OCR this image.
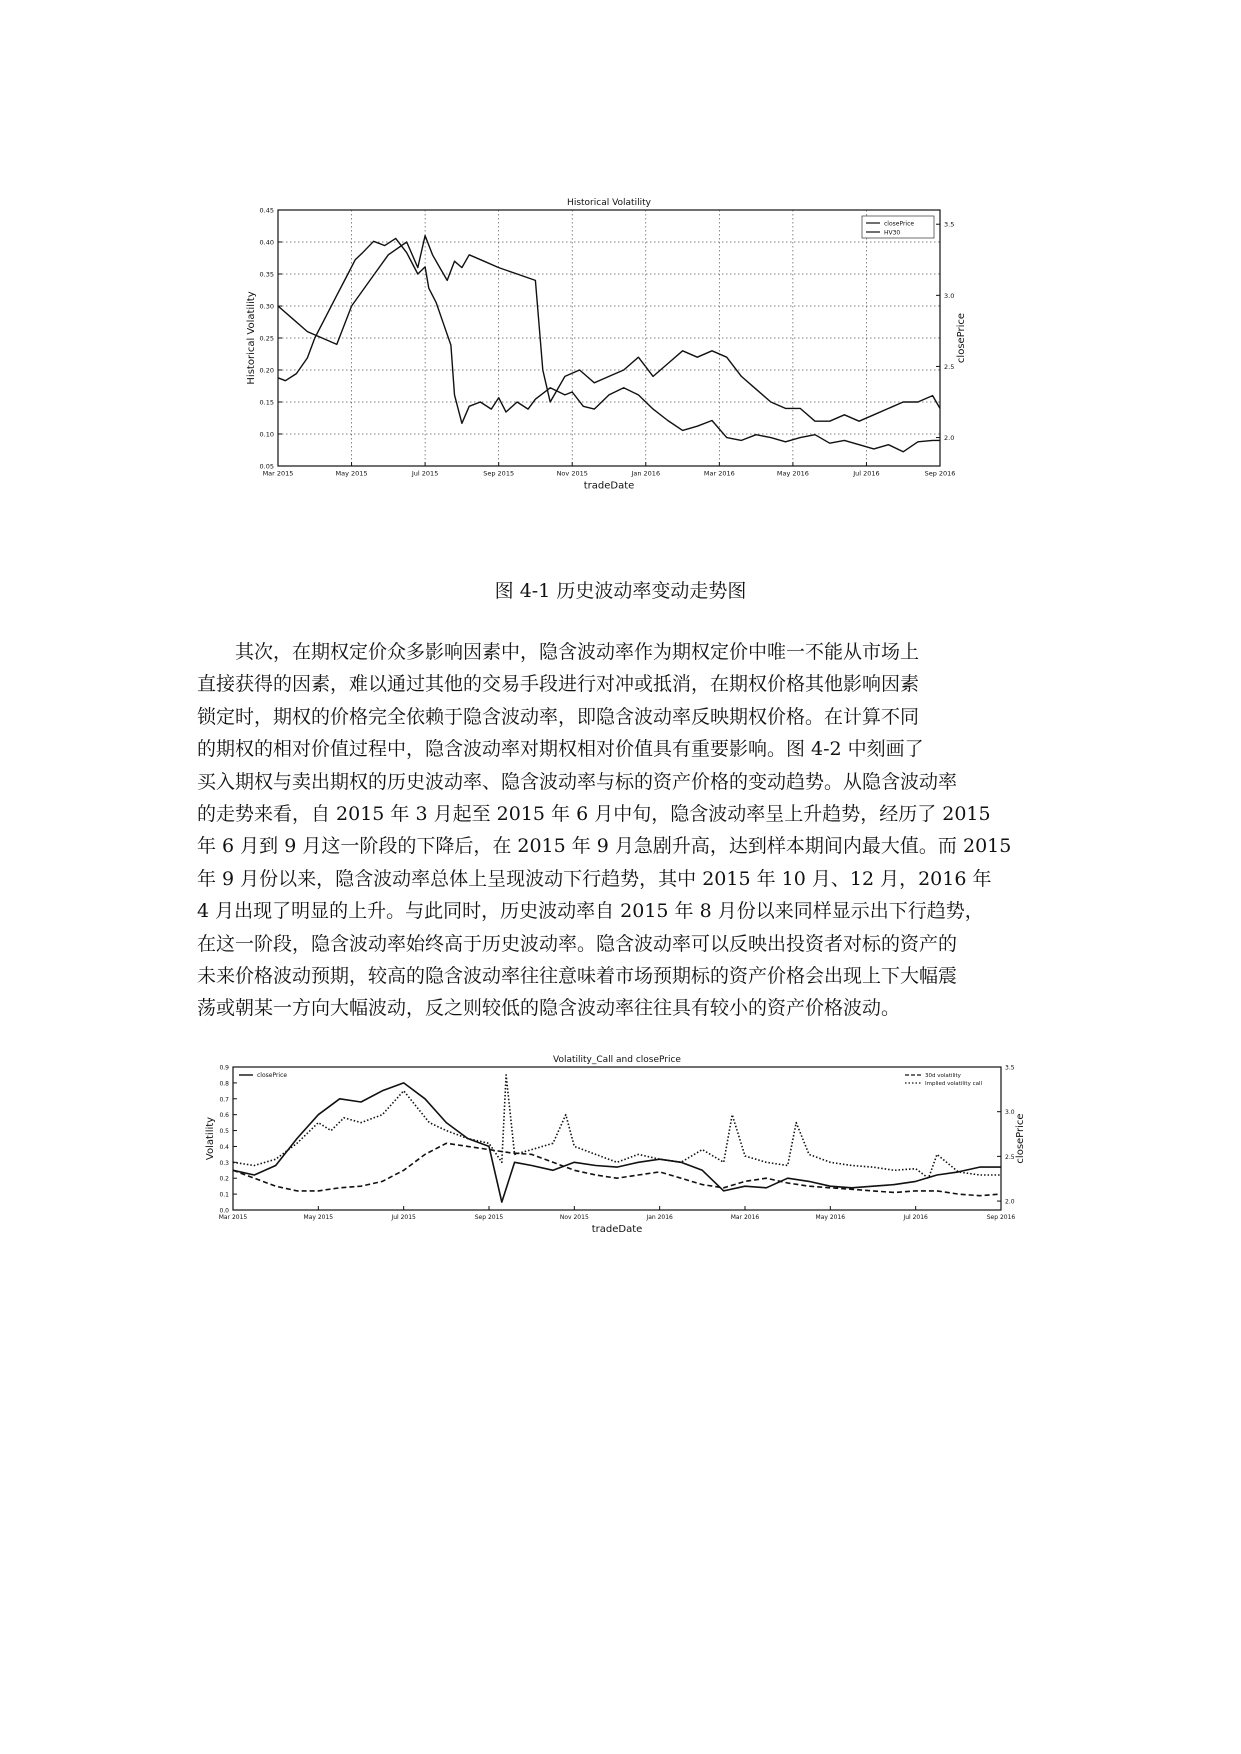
Historical Volatility
0.05
0.10
0.15
0.20
0.25
0.30
0.35
0.40
0.45
2.0
2.5
3.0
3.5
Mar 2015	May 2015	Jul 2015	Sep 2015	Nov 2015	Jan 2016	Mar 2016	May 2016	Jul 2016	Sep 2016
tradeDate
Historical Volatility	closePrice
closePrice
HV30
图 4-1 历史波动率变动走势图
其次，在期权定价众多影响因素中，隐含波动率作为期权定价中唯一不能从市场上
直接获得的因素，难以通过其他的交易手段进行对冲或抵消，在期权价格其他影响因素
锁定时，期权的价格完全依赖于隐含波动率，即隐含波动率反映期权价格。在计算不同
的期权的相对价值过程中，隐含波动率对期权相对价值具有重要影响。图 4-2 中刻画了
买入期权与卖出期权的历史波动率、隐含波动率与标的资产价格的变动趋势。从隐含波动率
的走势来看，自 2015 年 3 月起至 2015 年 6 月中旬，隐含波动率呈上升趋势，经历了 2015
年 6 月到 9 月这一阶段的下降后，在 2015 年 9 月急剧升高，达到样本期间内最大值。而 2015
年 9 月份以来，隐含波动率总体上呈现波动下行趋势，其中 2015 年 10 月、12 月，2016 年
4 月出现了明显的上升。与此同时，历史波动率自 2015 年 8 月份以来同样显示出下行趋势，
在这一阶段，隐含波动率始终高于历史波动率。隐含波动率可以反映出投资者对标的资产的
未来价格波动预期，较高的隐含波动率往往意味着市场预期标的资产价格会出现上下大幅震
荡或朝某一方向大幅波动，反之则较低的隐含波动率往往具有较小的资产价格波动。
Volatility_Call and closePrice
0.0
0.1
0.2
0.3
0.4
0.5
0.6
0.7
0.8
0.9
2.0
2.5
3.0
3.5
Mar 2015	May 2015	Jul 2015	Sep 2015	Nov 2015	Jan 2016	Mar 2016	May 2016	Jul 2016	Sep 2016
tradeDate
Volatility	closePrice
closePrice	30d volatility
Implied volatility call
